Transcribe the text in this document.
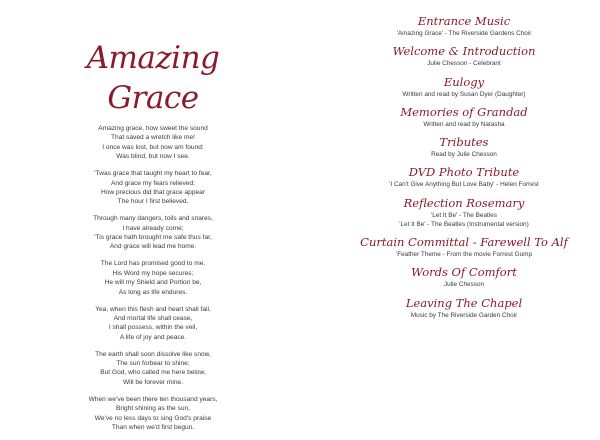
Amazing Grace
Amazing grace, how sweet the sound
That saved a wretch like me!
I once was lost, but now am found;
Was blind, but now I see.
'Twas grace that taught my heart to fear,
And grace my fears relieved;
How precious did that grace appear
The hour I first believed.
Through many dangers, toils and snares,
I have already come;
'Tis grace hath brought me safe thus far,
And grace will lead me home.
The Lord has promised good to me,
His Word my hope secures;
He will my Shield and Portion be,
As long as life endures.
Yea, when this flesh and heart shall fail,
And mortal life shall cease,
I shall possess, within the veil,
A life of joy and peace.
The earth shall soon dissolve like snow,
The sun forbear to shine;
But God, who called me here below,
Will be forever mine.
When we've been there ten thousand years,
Bright shining as the sun,
We've no less days to sing God's praise
Than when we'd first begun.
Entrance Music
'Amazing Grace' - The Riverside Gardens Choir
Welcome & Introduction
Julie Chesson - Celebrant
Eulogy
Written and read by Susan Dyer (Daughter)
Memories of Grandad
Written and read by Natasha
Tributes
Read by Julie Chesson
DVD Photo Tribute
'I Can't Give Anything But Love Baby' - Helen Forrest
Reflection Rosemary
'Let It Be' - The Beatles
'Let It Be' - The Beatles (Instrumental version)
Curtain Committal - Farewell To Alf
'Feather Theme - From the movie Forrest Gump
Words Of Comfort
Julie Chesson
Leaving The Chapel
Music by The Riverside Garden Choir
